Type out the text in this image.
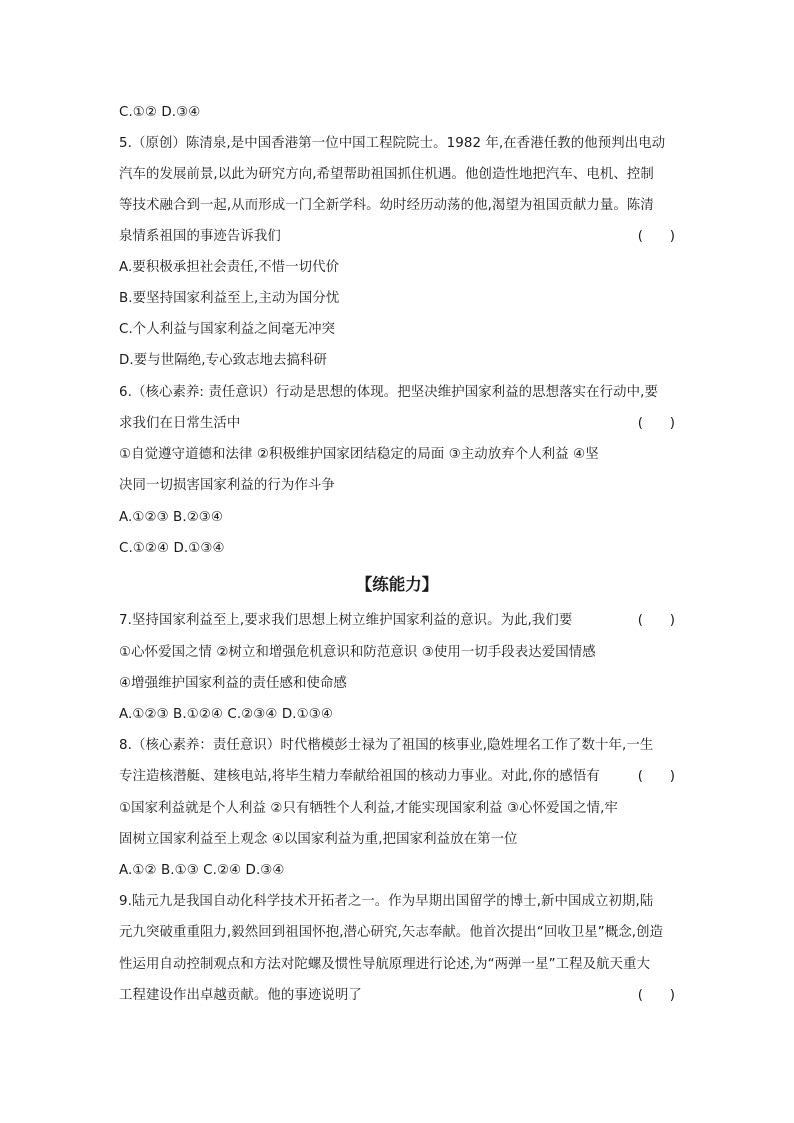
C.①② D.③④
5.（原创）陈清泉,是中国香港第一位中国工程院院士。1982 年,在香港任教的他预判出电动
汽车的发展前景,以此为研究方向,希望帮助祖国抓住机遇。他创造性地把汽车、电机、控制
等技术融合到一起,从而形成一门全新学科。幼时经历动荡的他,渴望为祖国贡献力量。陈清
泉情系祖国的事迹告诉我们	(　　)
A.要积极承担社会责任,不惜一切代价
B.要坚持国家利益至上,主动为国分忧
C.个人利益与国家利益之间毫无冲突
D.要与世隔绝,专心致志地去搞科研
6.（核心素养: 责任意识）行动是思想的体现。把坚决维护国家利益的思想落实在行动中,要
求我们在日常生活中	(　　)
①自觉遵守道德和法律 ②积极维护国家团结稳定的局面 ③主动放弃个人利益 ④坚
决同一切损害国家利益的行为作斗争
A.①②③ B.②③④
C.①②④ D.①③④
【练能力】
7.坚持国家利益至上,要求我们思想上树立维护国家利益的意识。为此,我们要	(　　)
①心怀爱国之情 ②树立和增强危机意识和防范意识 ③使用一切手段表达爱国情感
④增强维护国家利益的责任感和使命感
A.①②③ B.①②④ C.②③④ D.①③④
8.（核心素养：责任意识）时代楷模彭士禄为了祖国的核事业,隐姓埋名工作了数十年,一生
专注造核潜艇、建核电站,将毕生精力奉献给祖国的核动力事业。对此,你的感悟有	(　　)
①国家利益就是个人利益 ②只有牺牲个人利益,才能实现国家利益 ③心怀爱国之情,牢
固树立国家利益至上观念 ④以国家利益为重,把国家利益放在第一位
A.①② B.①③ C.②④ D.③④
9.陆元九是我国自动化科学技术开拓者之一。作为早期出国留学的博士,新中国成立初期,陆
元九突破重重阻力,毅然回到祖国怀抱,潜心研究,矢志奉献。他首次提出“回收卫星”概念,创造
性运用自动控制观点和方法对陀螺及惯性导航原理进行论述,为“两弹一星”工程及航天重大
工程建设作出卓越贡献。他的事迹说明了	(　　)
